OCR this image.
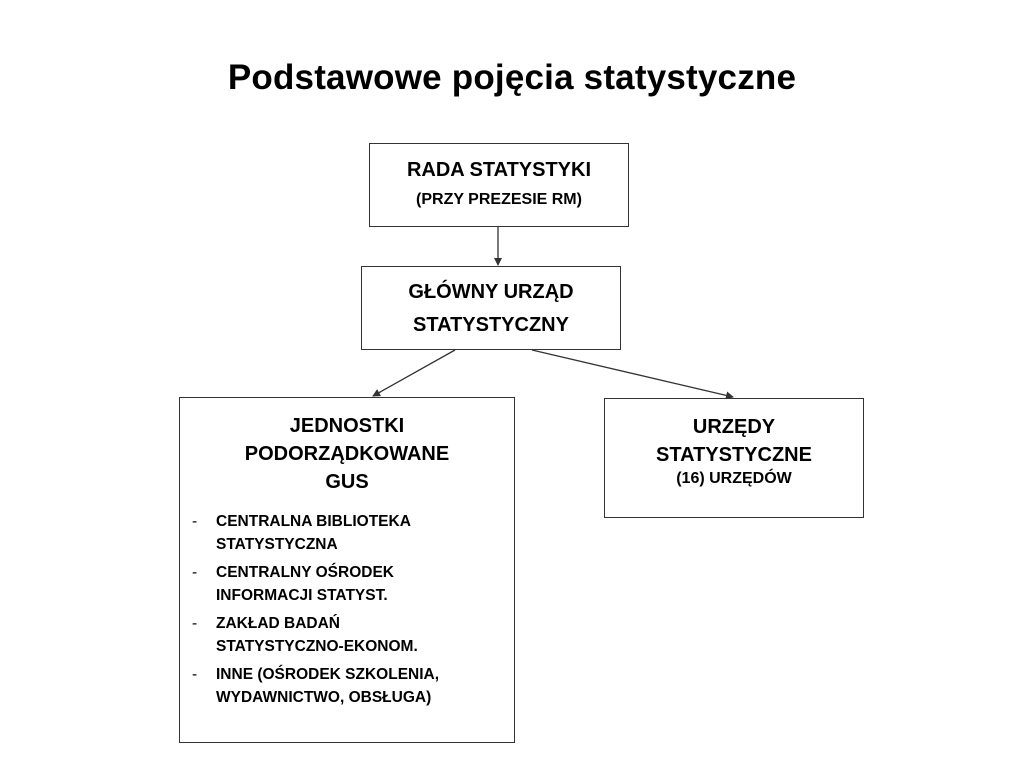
Podstawowe pojęcia statystyczne
RADA STATYSTYKI
(PRZY PREZESIE RM)
GŁÓWNY URZĄD
STATYSTYCZNY
JEDNOSTKI
PODORZĄDKOWANE
GUS
- CENTRALNA BIBLIOTEKA
STATYSTYCZNA
- CENTRALNY OŚRODEK
INFORMACJI STATYST.
- ZAKŁAD BADAŃ
STATYSTYCZNO-EKONOM.
- INNE (OŚRODEK SZKOLENIA,
WYDAWNICTWO, OBSŁUGA)
URZĘDY
STATYSTYCZNE
(16) URZĘDÓW
